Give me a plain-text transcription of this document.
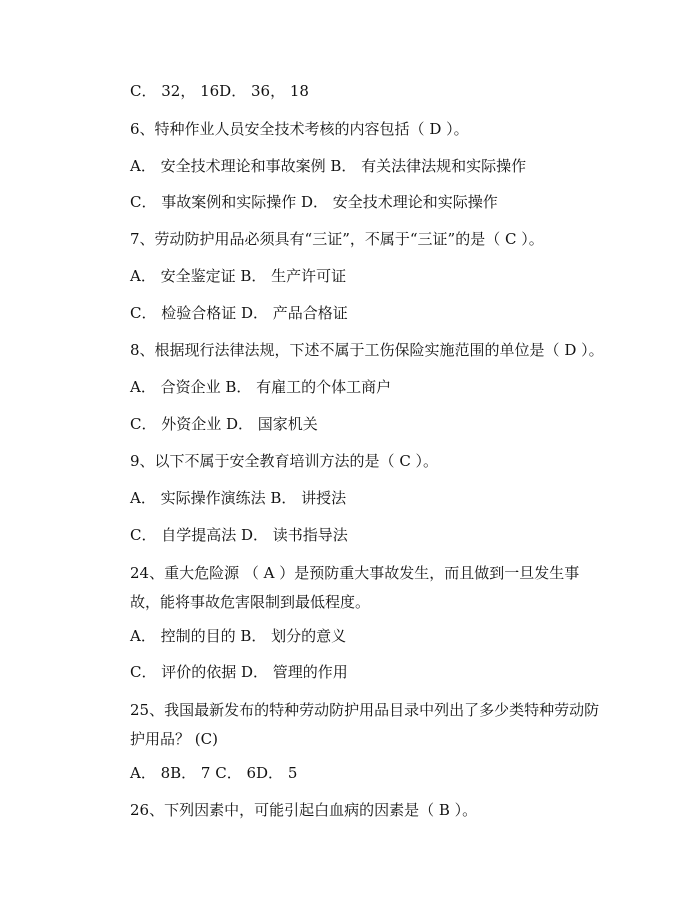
C． 32， 16D． 36， 18
6、特种作业人员安全技术考核的内容包括（ D ）。
A． 安全技术理论和事故案例 B． 有关法律法规和实际操作
C． 事故案例和实际操作 D． 安全技术理论和实际操作
7、劳动防护用品必须具有“三证”，不属于“三证”的是（ C ）。
A． 安全鉴定证 B． 生产许可证
C． 检验合格证 D． 产品合格证
8、根据现行法律法规，下述不属于工伤保险实施范围的单位是（ D ）。
A． 合资企业 B． 有雇工的个体工商户
C． 外资企业 D． 国家机关
9、以下不属于安全教育培训方法的是（ C ）。
A． 实际操作演练法 B． 讲授法
C． 自学提高法 D． 读书指导法
24、重大危险源 （ A ）是预防重大事故发生，而且做到一旦发生事故，能将事故危害限制到最低程度。
A． 控制的目的 B． 划分的意义
C． 评价的依据 D． 管理的作用
25、我国最新发布的特种劳动防护用品目录中列出了多少类特种劳动防护用品？ (C)
A． 8B． 7 C． 6D． 5
26、下列因素中，可能引起白血病的因素是（ B ）。
